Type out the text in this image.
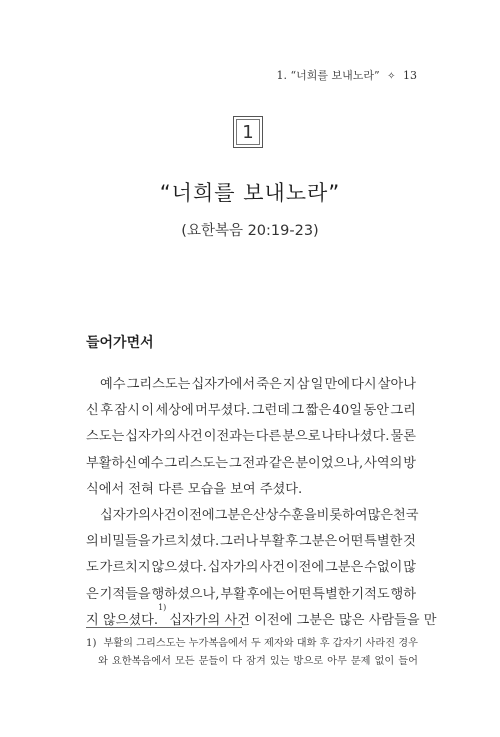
1. “너희를 보내노라” ✧ 13
1
“너희를 보내노라”
(요한복음 20:19-23)
들어가면서
예수 그리스도는 십자가에서 죽은 지 삼 일 만에 다시 살아나
신 후 잠시 이 세상에 머무셨다. 그런데 그 짧은 40일 동안 그리
스도는 십자가의 사건 이전과는 다른 분으로 나타나셨다. 물론
부활하신 예수 그리스도는 그 전과 같은 분이었으나, 사역의 방
식에서 전혀 다른 모습을 보여 주셨다.
십자가의 사건 이전에 그분은 산상수훈을 비롯하여 많은 천국
의 비밀들을 가르치셨다. 그러나 부활 후 그분은 어떤 특별한 것
도 가르치지 않으셨다. 십자가의 사건 이전에 그분은 수없이 많
은 기적들을 행하셨으나, 부활 후에는 어떤 특별한 기적도 행하
지 않으셨다.
1)
십자가의 사건 이전에 그분은 많은 사람들을 만
1) 부활의 그리스도는 누가복음에서 두 제자와 대화 후 갑자기 사라진 경우
와 요한복음에서 모든 문들이 다 잠겨 있는 방으로 아무 문제 없이 들어
